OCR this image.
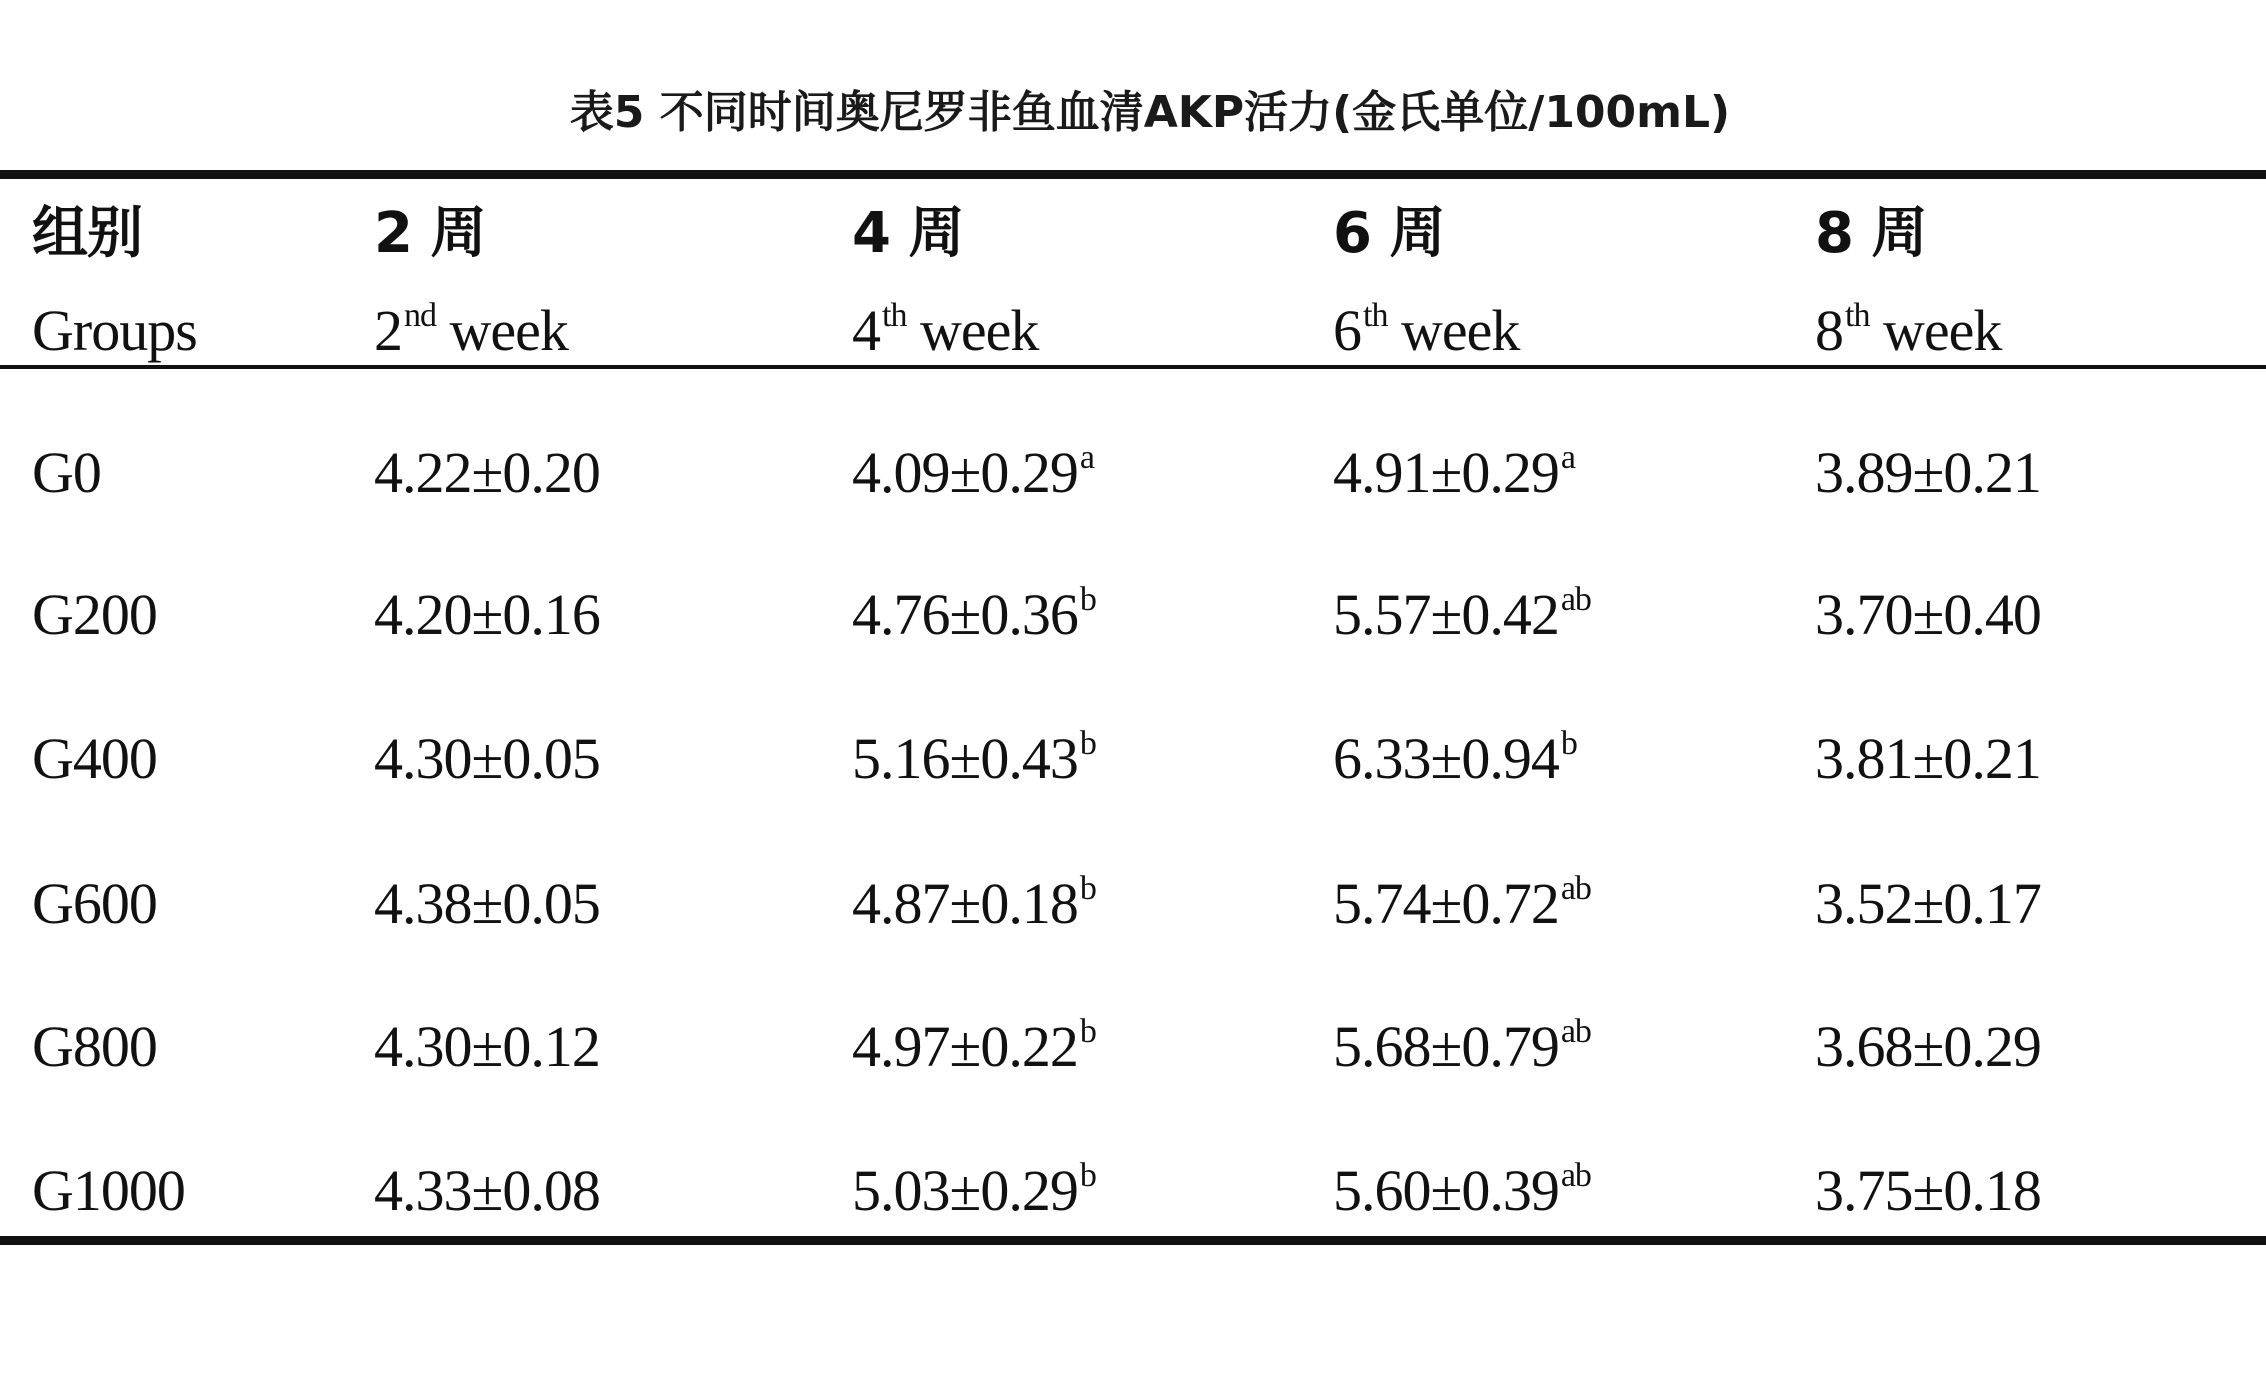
表5 不同时间奥尼罗非鱼血清AKP活力(金氏单位/100mL)
组别	2 周	4 周	6 周	8 周
Groups	2nd week	4th week	6th week	8th week
G0	4.22±0.20	4.09±0.29$^a$	4.91±0.29$^a$	3.89±0.21
G200	4.20±0.16	4.76±0.36$^b$	5.57±0.42$^{ab}$	3.70±0.40
G400	4.30±0.05	5.16±0.43$^b$	6.33±0.94$^b$	3.81±0.21
G600	4.38±0.05	4.87±0.18$^b$	5.74±0.72$^{ab}$	3.52±0.17
G800	4.30±0.12	4.97±0.22$^b$	5.68±0.79$^{ab}$	3.68±0.29
G1000	4.33±0.08	5.03±0.29$^b$	5.60±0.39$^{ab}$	3.75±0.18
